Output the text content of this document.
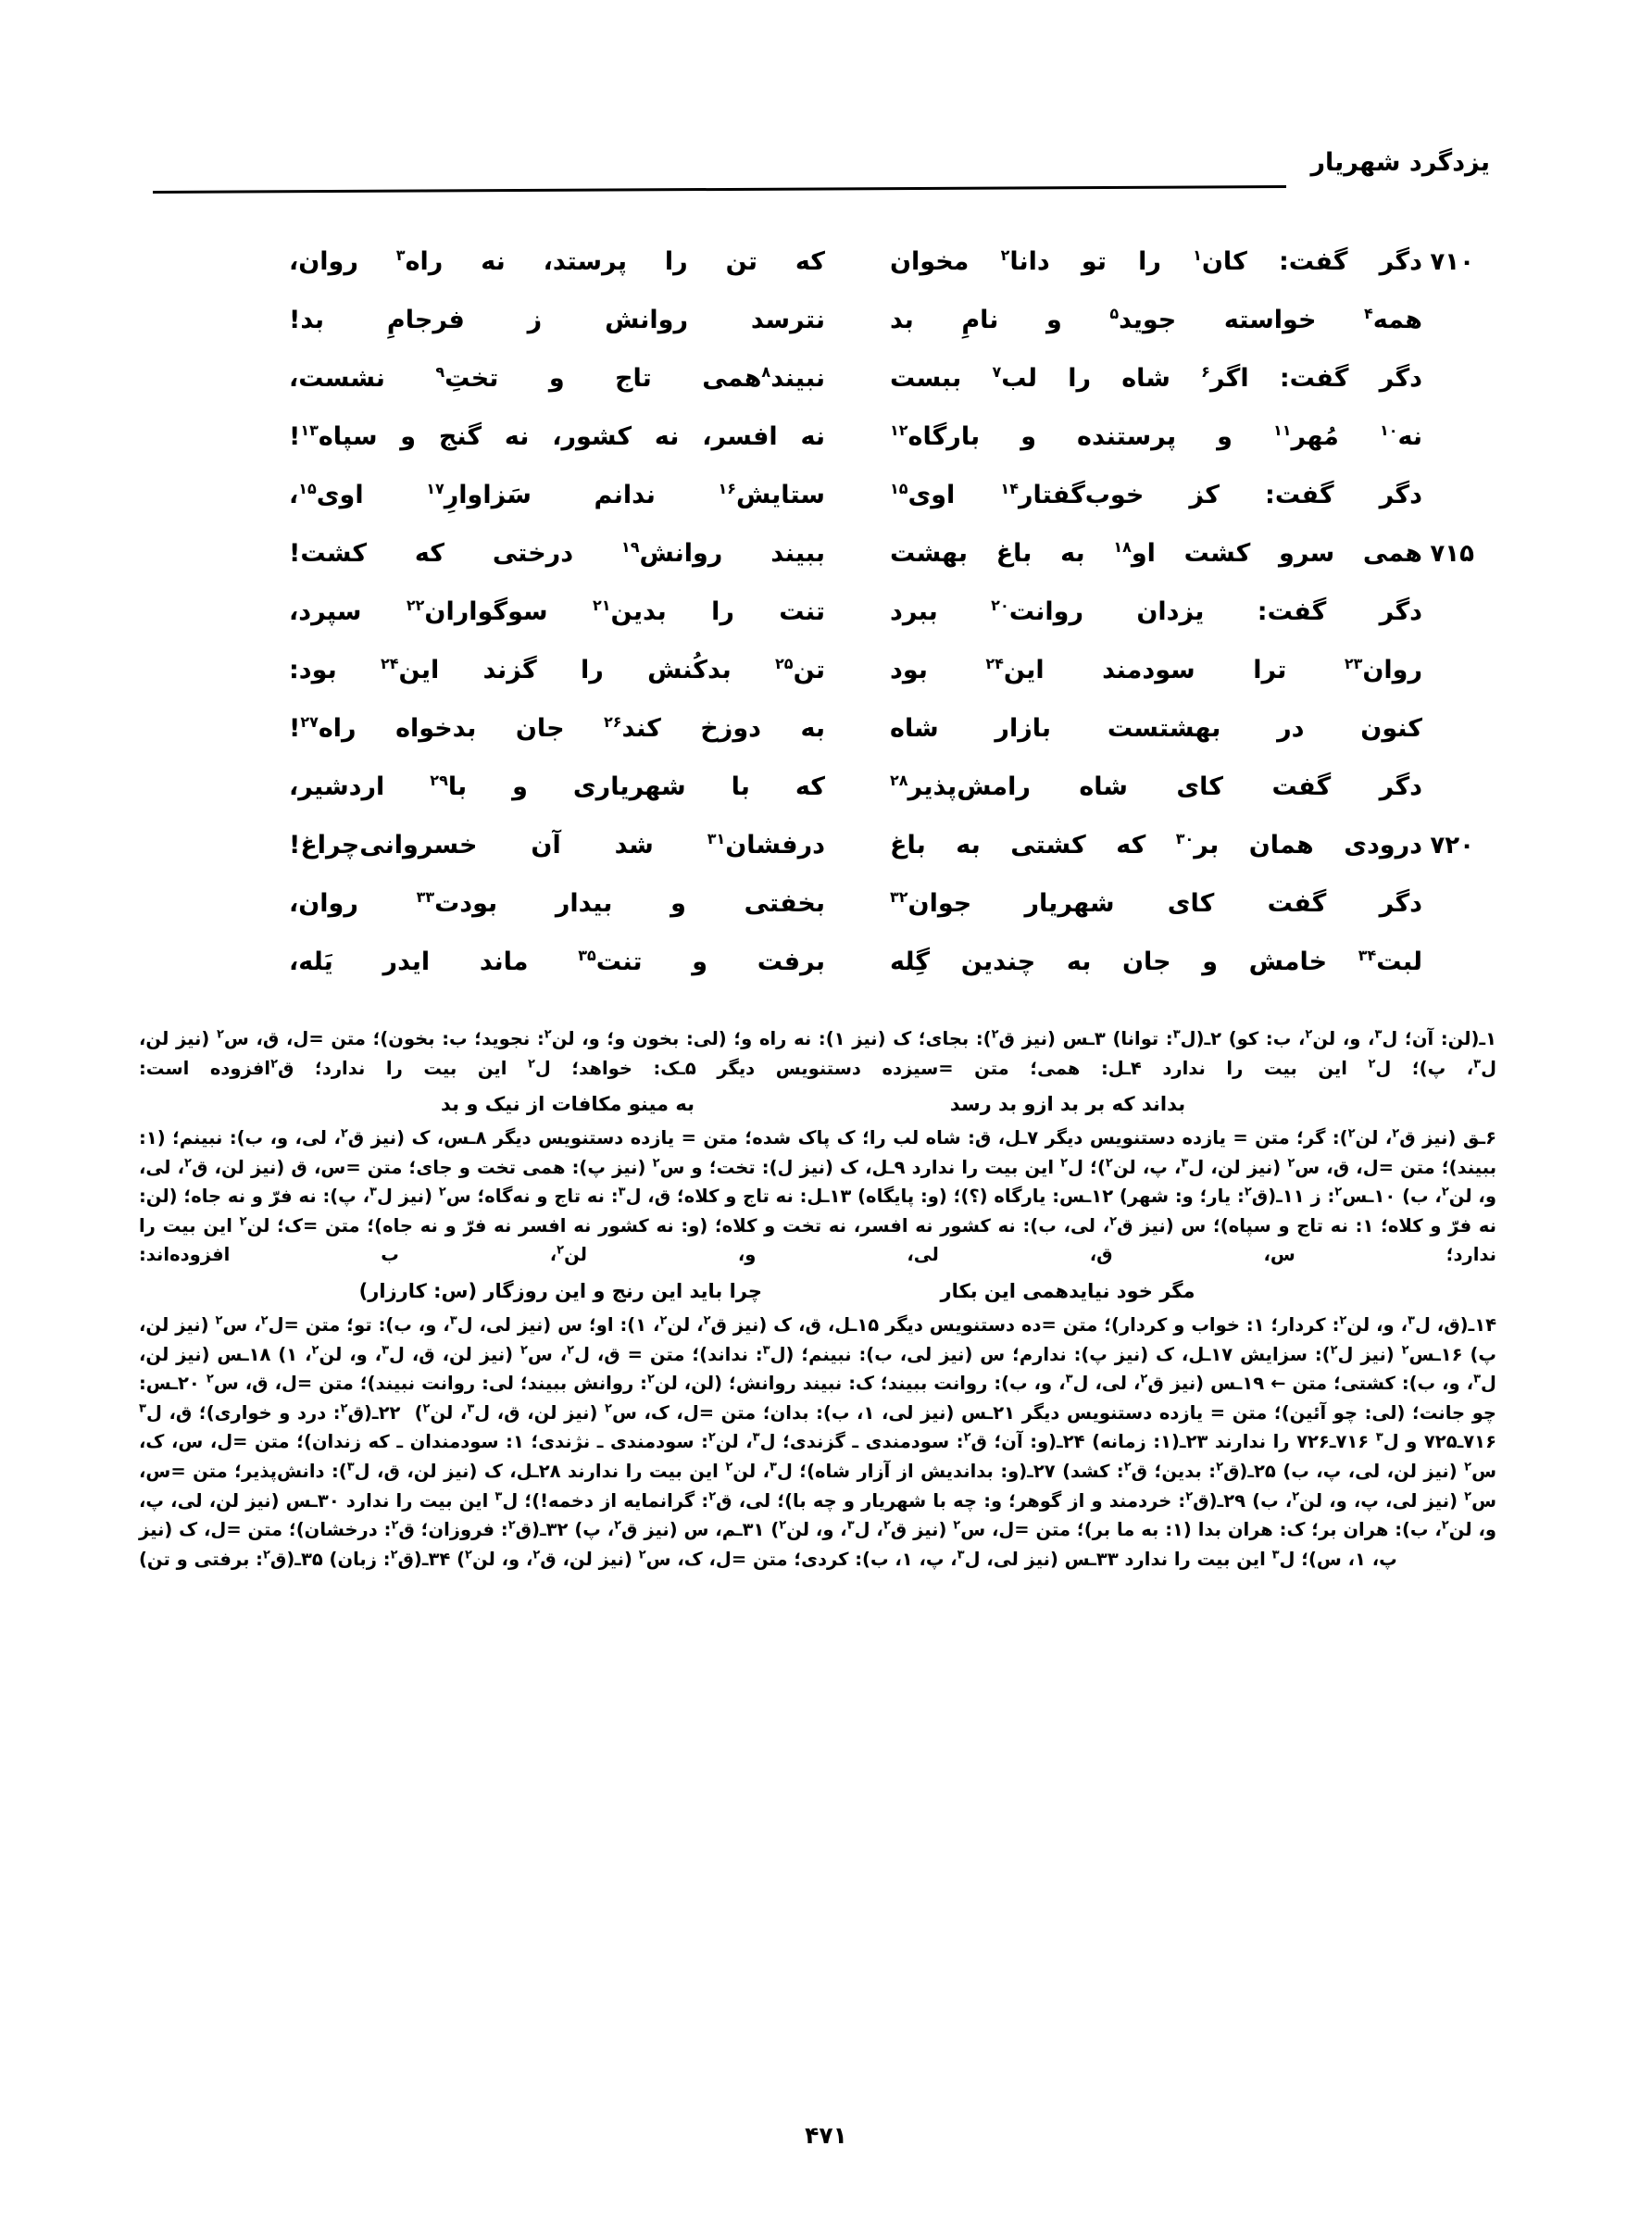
یزدگرد شهریار
۷۱۰
دگر گفت: کان$^۱$ را تو دانا$^۲$ مخوان
که تن را پرستد، نه راه$^۳$ روان،
همه$^۴$ خواسته جوید$^۵$ و نامِ بد
نترسد روانش ز فرجامِ بد!
دگر گفت: اگر$^۶$ شاه را لب$^۷$ ببست
نبیند$^۸$همی تاج و تختِ$^۹$ نشست،
نه$^{۱۰}$ مُهر$^{۱۱}$ و پرستنده و بارگاه$^{۱۲}$
نه افسر، نه کشور، نه گنج و سپاه$^{۱۳}$!
دگر گفت: کز خوب‌گفتار$^{۱۴}$ اوی$^{۱۵}$
ستایش$^{۱۶}$ ندانم سَزاوارِ$^{۱۷}$ اوی$^{۱۵}$،
۷۱۵
همی سرو کشت او$^{۱۸}$ به باغ بهشت
ببیند روانش$^{۱۹}$ درختی که کشت!
دگر گفت: یزدان روانت$^{۲۰}$ ببرد
تنت را بدین$^{۲۱}$ سوگواران$^{۲۲}$ سپرد،
روان$^{۲۳}$ ترا سودمند این$^{۲۴}$ بود
تن$^{۲۵}$ بدکُنش را گزند این$^{۲۴}$ بود:
کنون در بهشتست بازار شاه
به دوزخ کند$^{۲۶}$ جان بدخواه راه$^{۲۷}$!
دگر گفت کای شاه رامش‌پذیر$^{۲۸}$
که با شهریاری و با$^{۲۹}$ اردشیر،
۷۲۰
درودی همان بر$^{۳۰}$ که کشتی به باغ
درفشان$^{۳۱}$ شد آن خسروانی‌چراغ!
دگر گفت کای شهریار جوان$^{۳۲}$
بخفتی و بیدار بودت$^{۳۳}$ روان،
لبت$^{۳۴}$ خامش و جان به چندین گِله
برفت و تنت$^{۳۵}$ ماند ایدر یَله،
۱ـ(لن: آن؛ ل$^۳$، و، لن$^۲$، ب: کو)‌ ۲ـ(ل$^۳$: توانا)‌ ۳ـس (نیز ق$^۲$): بجای؛ ک (نیز ۱): نه راه و؛ (لی: بخون و؛ و، لن$^۲$: نجوید؛ ب: بخون)؛ متن =ل، ق، س$^۲$ (نیز لن، ل$^۳$، پ)؛ ل$^۲$ این بیت را ندارد‌ ۴ـل: همی؛ متن =سیزده دستنویس دیگر‌ ۵ـک: خواهد؛ ل$^۲$ این بیت را ندارد؛ ق$^۲$افزوده است:
بداند که بر بد ازو بد رسد
به مینو مکافات از نیک و بد
۶ـق (نیز ق$^۲$، لن$^۲$): گر؛ متن = یازده دستنویس دیگر‌ ۷ـل، ق: شاه لب را؛ ک پاک شده؛ متن = یازده دستنویس دیگر‌ ۸ـس، ک (نیز ق$^۲$، لی، و، ب): نبینم؛ (۱: ببیند)؛ متن =ل، ق، س$^۲$ (نیز لن، ل$^۳$، پ، لن$^۲$)؛ ل$^۲$ این بیت را ندارد‌ ۹ـل، ک (نیز ل): تخت؛ و س$^۲$ (نیز پ): همی تخت و جای؛ متن =س، ق (نیز لن، ق$^۲$، لی، و، لن$^۲$، ب)‌ ۱۰ـس$^۲$: ز‌ ۱۱ـ(ق$^۲$: یار؛ و: شهر)‌ ۱۲ـس: یارگاه (؟)؛ (و: پایگاه)‌ ۱۳ـل: نه تاج و کلاه؛ ق، ل$^۳$: نه تاج و نه‌گاه؛ س$^۲$ (نیز ل$^۳$، پ): نه فرّ و نه جاه؛ (لن: نه فرّ و کلاه؛ ۱: نه تاج و سپاه)؛ س (نیز ق$^۲$، لی، ب): نه کشور نه افسر، نه تخت و کلاه؛ (و: نه کشور نه افسر نه فرّ و نه جاه)؛ متن =ک؛ لن$^۲$ این بیت را ندارد؛ س، ق، لی، و، لن$^۲$، ب افزوده‌اند:
مگر خود نیایدهمی این بکار
چرا باید این رنج و این روزگار (س: کارزار)
۱۴ـ(ق، ل$^۳$، و، لن$^۲$: کردار؛ ۱: خواب و کردار)؛ متن =ده دستنویس دیگر‌ ۱۵ـل، ق، ک (نیز ق$^۲$، لن$^۲$، ۱): او؛ س (نیز لی، ل$^۳$، و، ب): تو؛ متن =ل$^۲$، س$^۲$ (نیز لن، پ)‌ ۱۶ـس$^۲$ (نیز ل$^۲$): سزایش‌ ۱۷ـل، ک (نیز پ): ندارم؛ س (نیز لی، ب): نبینم؛ (ل$^۳$: نداند)؛ متن = ق، ل$^۲$، س$^۲$ (نیز لن، ق، ل$^۳$، و، لن$^۲$، ۱)‌ ۱۸ـس (نیز لن، ل$^۳$، و، ب): کشتی؛ متن ← ۱۹ـس (نیز ق$^۲$، لی، ل$^۳$، و، ب): روانت ببیند؛ ک: نبیند روانش؛ (لن، لن$^۲$: روانش ببیند؛ لی: روانت نبیند)؛ متن =ل، ق، س$^۲$‌ ۲۰ـس: چو جانت؛ (لی: چو آئین)؛ متن = یازده دستنویس دیگر‌ ۲۱ـس (نیز لی، ۱، ب): بدان؛ متن =ل، ک، س$^۲$ (نیز لن، ق، ل$^۳$، لن$^۲$) ‌ ۲۲ـ(ق$^۲$: درد و خواری)؛ ق، ل$^۳$ ۷۱۶ـ۷۲۵ و ل$^۳$ ۷۱۶ـ۷۲۶ را ندارند‌ ۲۳ـ(۱: زمانه)‌ ۲۴ـ(و: آن؛ ق$^۲$: سودمندی ـ گزندی؛ ل$^۳$، لن$^۲$: سودمندی ـ نژندی؛ ۱: سودمندان ـ که زندان)؛ متن =ل، س، ک، س$^۲$ (نیز لن، لی، پ، ب)‌ ۲۵ـ(ق$^۲$: بدین؛ ق$^۲$: کشد)‌ ۲۷ـ(و: بداندیش از آزار شاه)؛ ل$^۳$، لن$^۲$ این بیت را ندارند‌ ۲۸ـل، ک (نیز لن، ق، ل$^۳$): دانش‌پذیر؛ متن =س، س$^۲$ (نیز لی، پ، و، لن$^۲$، ب)‌ ۲۹ـ(ق$^۲$: خردمند و از گوهر؛ و: چه با شهریار و چه با)؛ لی، ق$^۲$: گرانمایه از دخمه!)؛ ل$^۳$ این بیت را ندارد‌ ۳۰ـس (نیز لن، لی، پ، و، لن$^۲$، ب): هران بر؛ ک: هران بدا (۱: به ما بر)؛ متن =ل، س$^۲$ (نیز ق$^۲$، ل$^۳$، و، لن$^۲$)‌ ۳۱ـم، س (نیز ق$^۲$، پ)‌ ۳۲ـ(ق$^۲$: فروزان؛ ق$^۲$: درخشان)؛ متن =ل، ک (نیز پ، ۱، س)؛ ل$^۳$ این بیت را ندارد‌ ۳۳ـس (نیز لی، ل$^۳$، پ، ۱، ب): کردی؛ متن =ل، ک، س$^۲$ (نیز لن، ق$^۲$، و، لن$^۲$)‌ ۳۴ـ(ق$^۲$: زبان)‌ ۳۵ـ(ق$^۲$: برفتی و تن)
۴۷۱
